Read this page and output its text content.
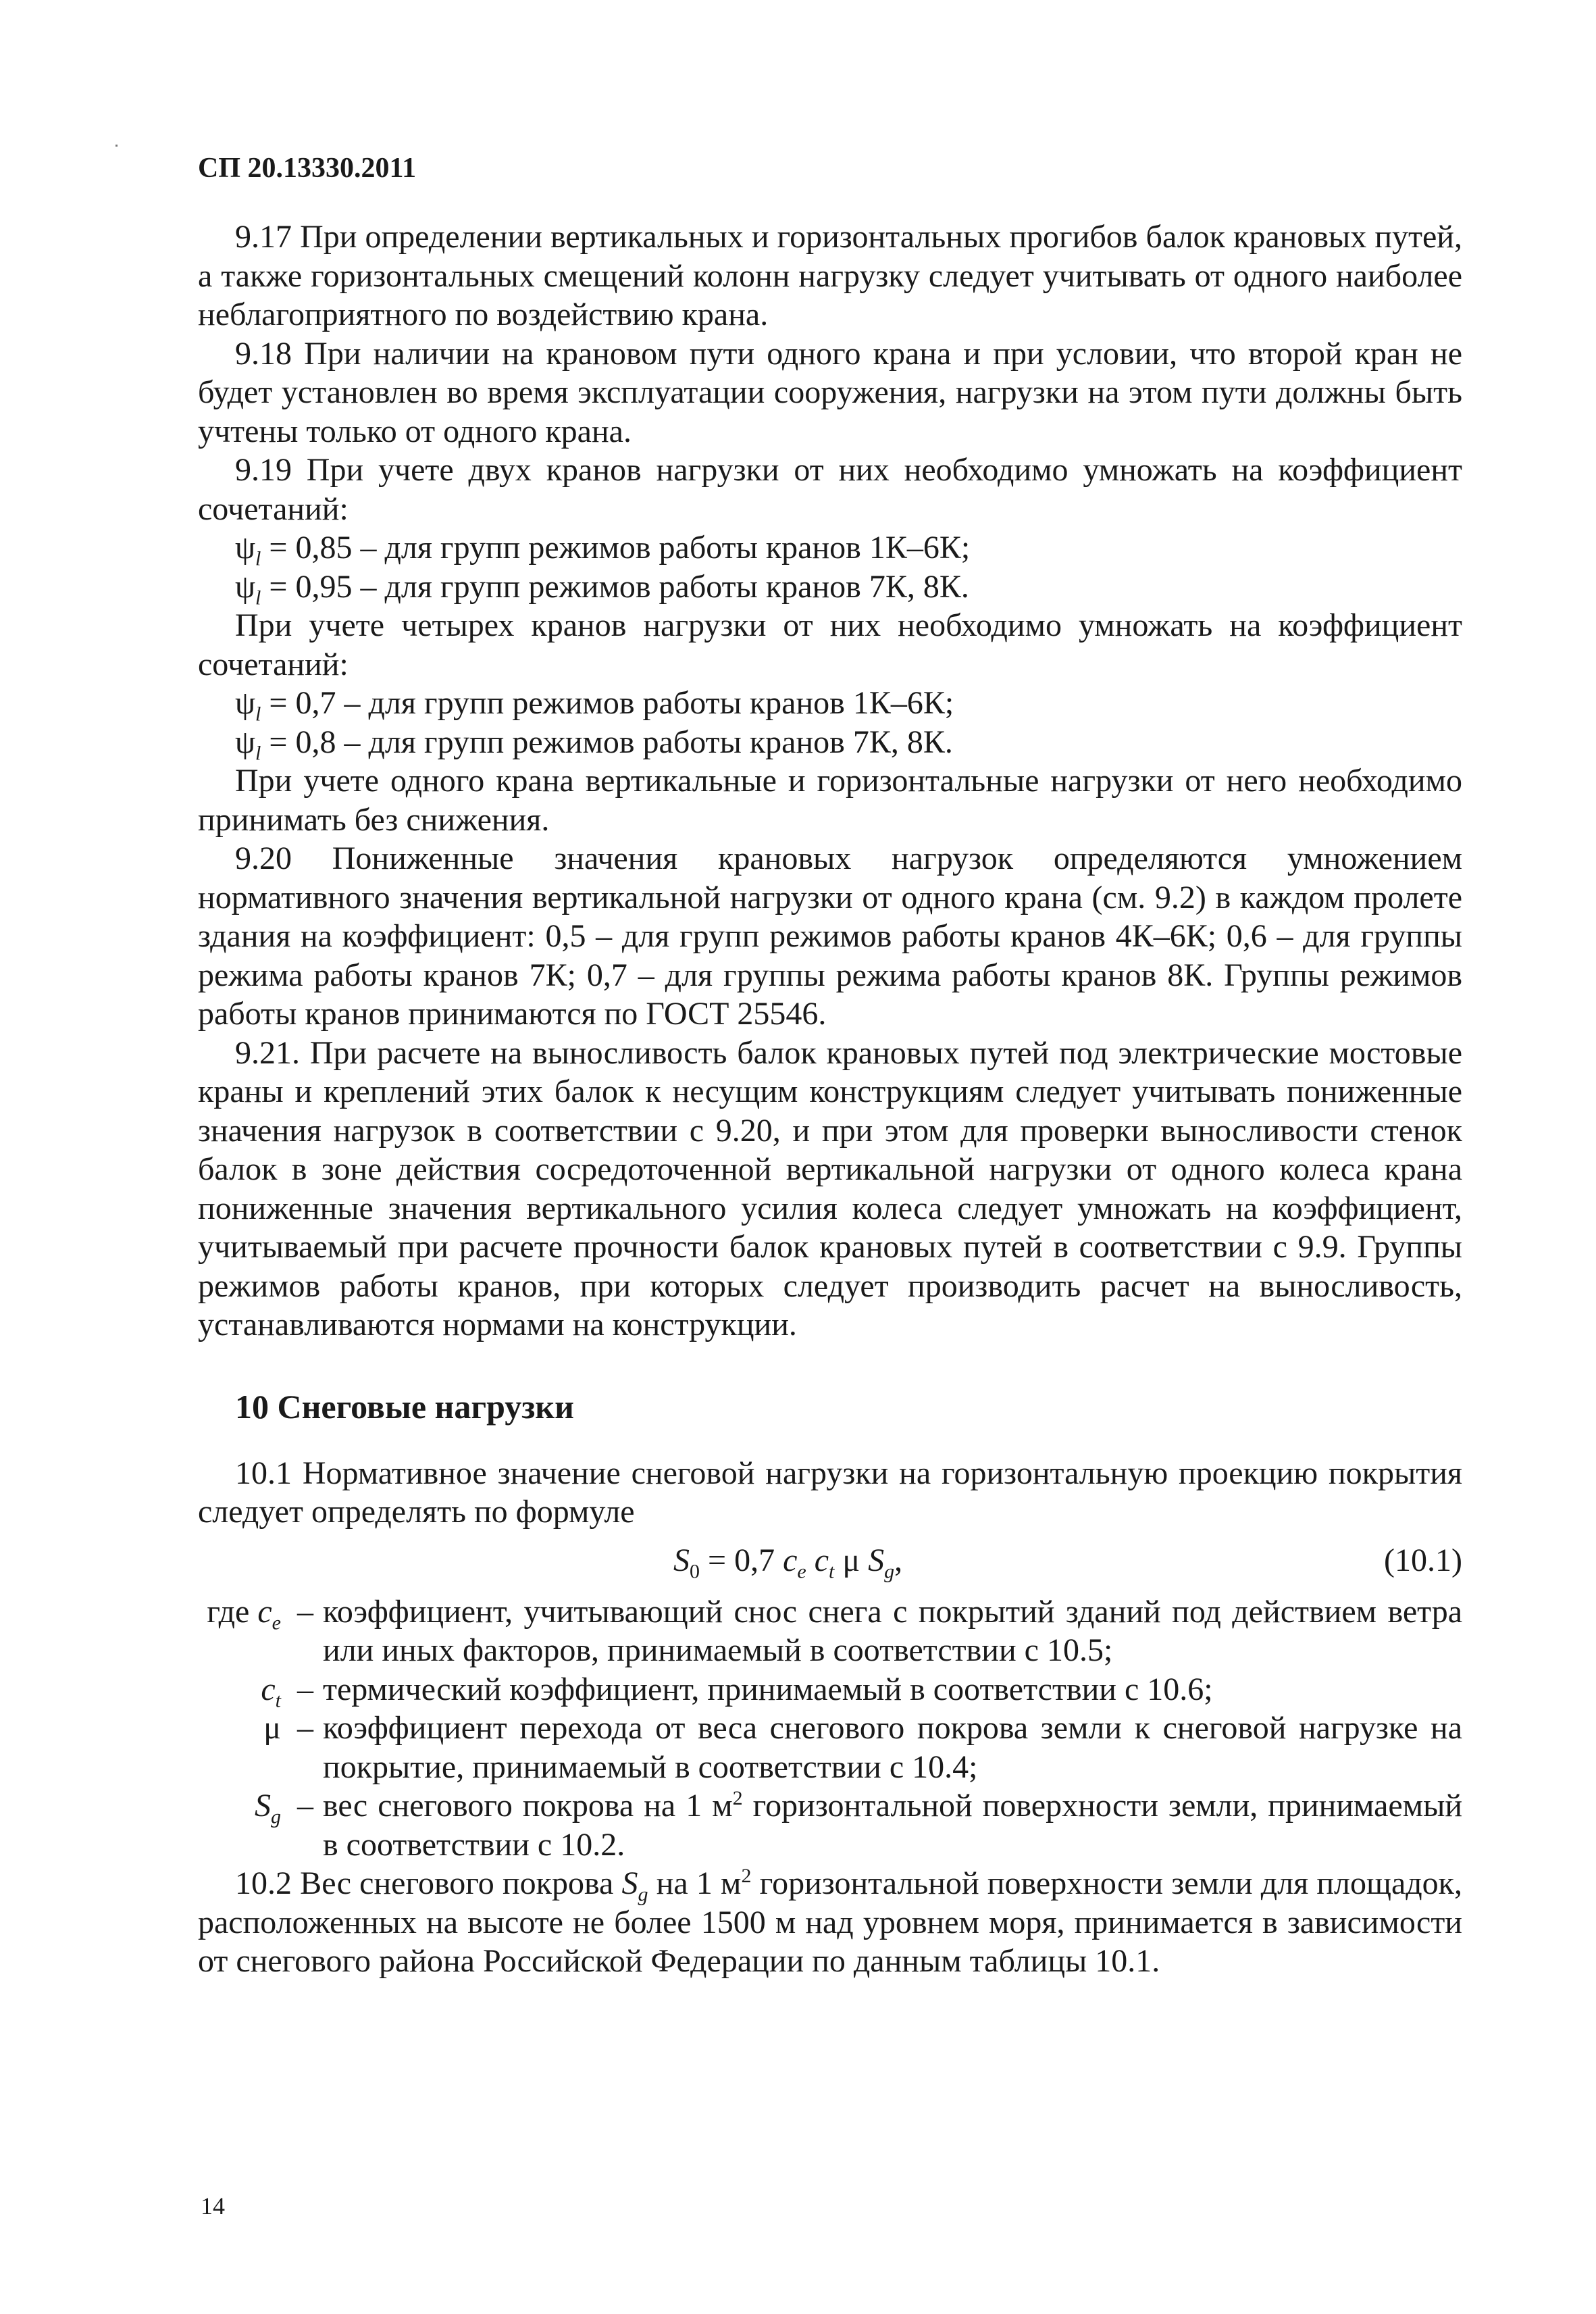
СП 20.13330.2011

9.17 При определении вертикальных и горизонтальных прогибов балок крановых путей, а также горизонтальных смещений колонн нагрузку следует учитывать от одного наиболее неблагоприятного по воздействию крана.

9.18 При наличии на крановом пути одного крана и при условии, что второй кран не будет установлен во время эксплуатации сооружения, нагрузки на этом пути должны быть учтены только от одного крана.

9.19 При учете двух кранов нагрузки от них необходимо умножать на коэффициент сочетаний:

$\psi_l = 0,85$ – для групп режимов работы кранов 1К–6К;

$\psi_l = 0,95$ – для групп режимов работы кранов 7К, 8К.

При учете четырех кранов нагрузки от них необходимо умножать на коэффициент сочетаний:

$\psi_l = 0,7$ – для групп режимов работы кранов 1К–6К;

$\psi_l = 0,8$ – для групп режимов работы кранов 7К, 8К.

При учете одного крана вертикальные и горизонтальные нагрузки от него необходимо принимать без снижения.

9.20 Пониженные значения крановых нагрузок определяются умножением нормативного значения вертикальной нагрузки от одного крана (см. 9.2) в каждом пролете здания на коэффициент: 0,5 – для групп режимов работы кранов 4К–6К; 0,6 – для группы режима работы кранов 7К; 0,7 – для группы режима работы кранов 8К. Группы режимов работы кранов принимаются по ГОСТ 25546.

9.21. При расчете на выносливость балок крановых путей под электрические мостовые краны и креплений этих балок к несущим конструкциям следует учитывать пониженные значения нагрузок в соответствии с 9.20, и при этом для проверки выносливости стенок балок в зоне действия сосредоточенной вертикальной нагрузки от одного колеса крана пониженные значения вертикального усилия колеса следует умножать на коэффициент, учитываемый при расчете прочности балок крановых путей в соответствии с 9.9. Группы режимов работы кранов, при которых следует производить расчет на выносливость, устанавливаются нормами на конструкции.

10 Снеговые нагрузки

10.1 Нормативное значение снеговой нагрузки на горизонтальную проекцию покрытия следует определять по формуле

$S_0 = 0,7$ $c_e$ $c_t$ μ $S_g$,	(10.1)
где $c_e$ – коэффициент, учитывающий снос снега с покрытий зданий под действием ветра или иных факторов, принимаемый в соответствии с 10.5;
$c_t$ – термический коэффициент, принимаемый в соответствии с 10.6;
μ – коэффициент перехода от веса снегового покрова земли к снеговой нагрузке на покрытие, принимаемый в соответствии с 10.4;
$S_g$ – вес снегового покрова на 1 $м^2$ горизонтальной поверхности земли, принимаемый в соответствии с 10.2.

10.2 Вес снегового покрова $S_g$ на 1 $м^2$ горизонтальной поверхности земли для площадок, расположенных на высоте не более 1500 м над уровнем моря, принимается в зависимости от снегового района Российской Федерации по данным таблицы 10.1.

14
